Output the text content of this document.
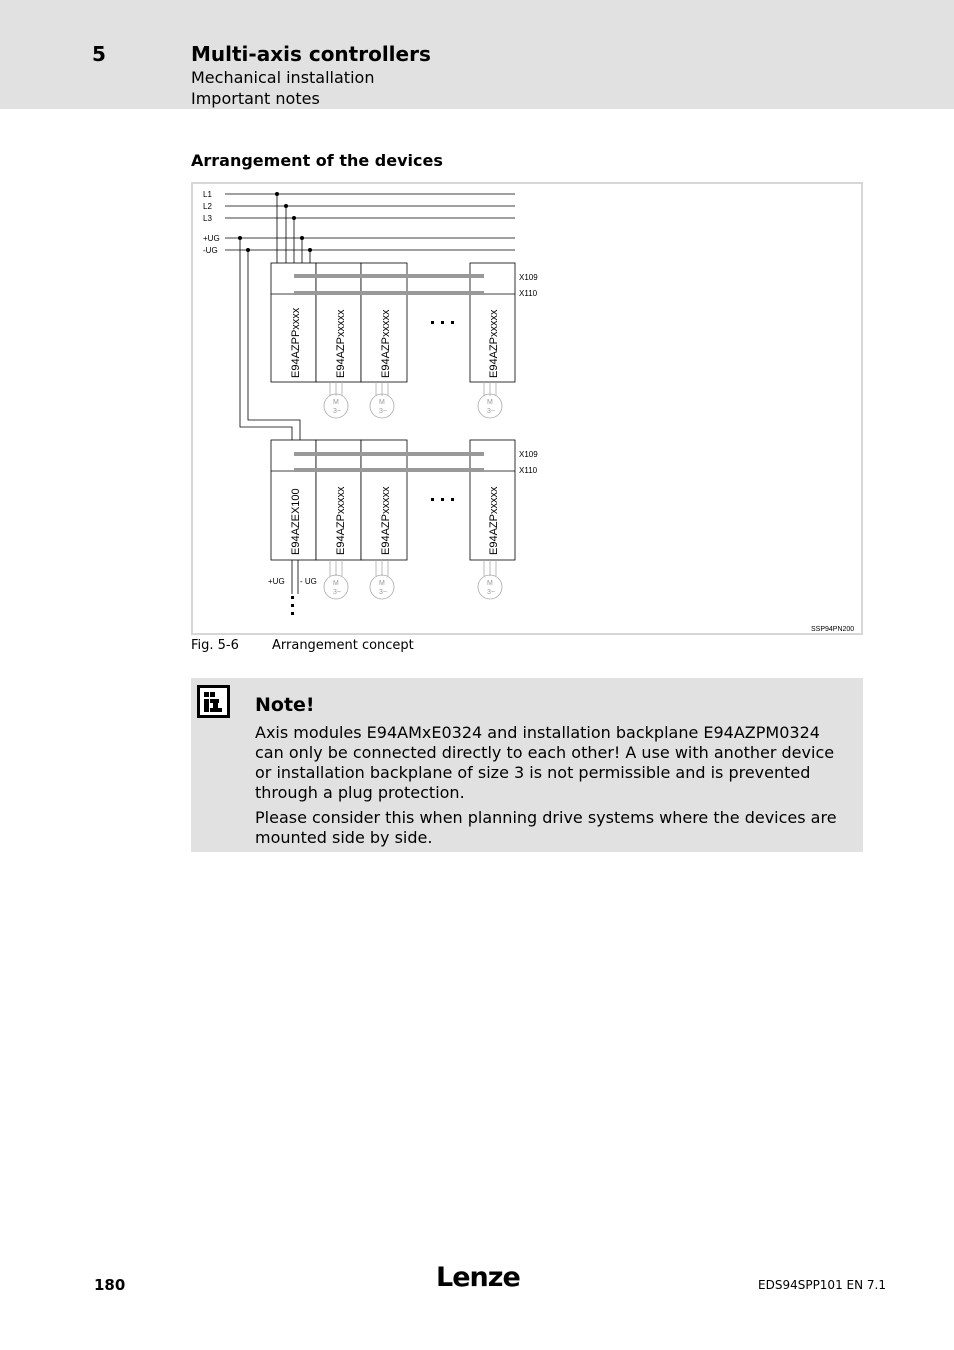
5	Multi-axis controllers
Mechanical installation
Important notes
Arrangement of the devices
L1
L2
L3
+UG
-UG
X109
X110
E94AZPPxxxx	E94AZPxxxxx	E94AZPxxxxx	E94AZPxxxxx
M
3~
M
3~
M
3~
X109
X110
E94AZEX100	E94AZPxxxxx	E94AZPxxxxx	E94AZPxxxxx
M
3~
M
3~
M
3~
+UG - UG
SSP94PN200
Fig. 5-6	Arrangement concept
Note!

Axis modules E94AMxE0324 and installation backplane E94AZPM0324 can only be connected directly to each other! A use with another device or installation backplane of size 3 is not permissible and is prevented through a plug protection.

Please consider this when planning drive systems where the devices are mounted side by side.

180	Lenze	EDS94SPP101 EN 7.1
